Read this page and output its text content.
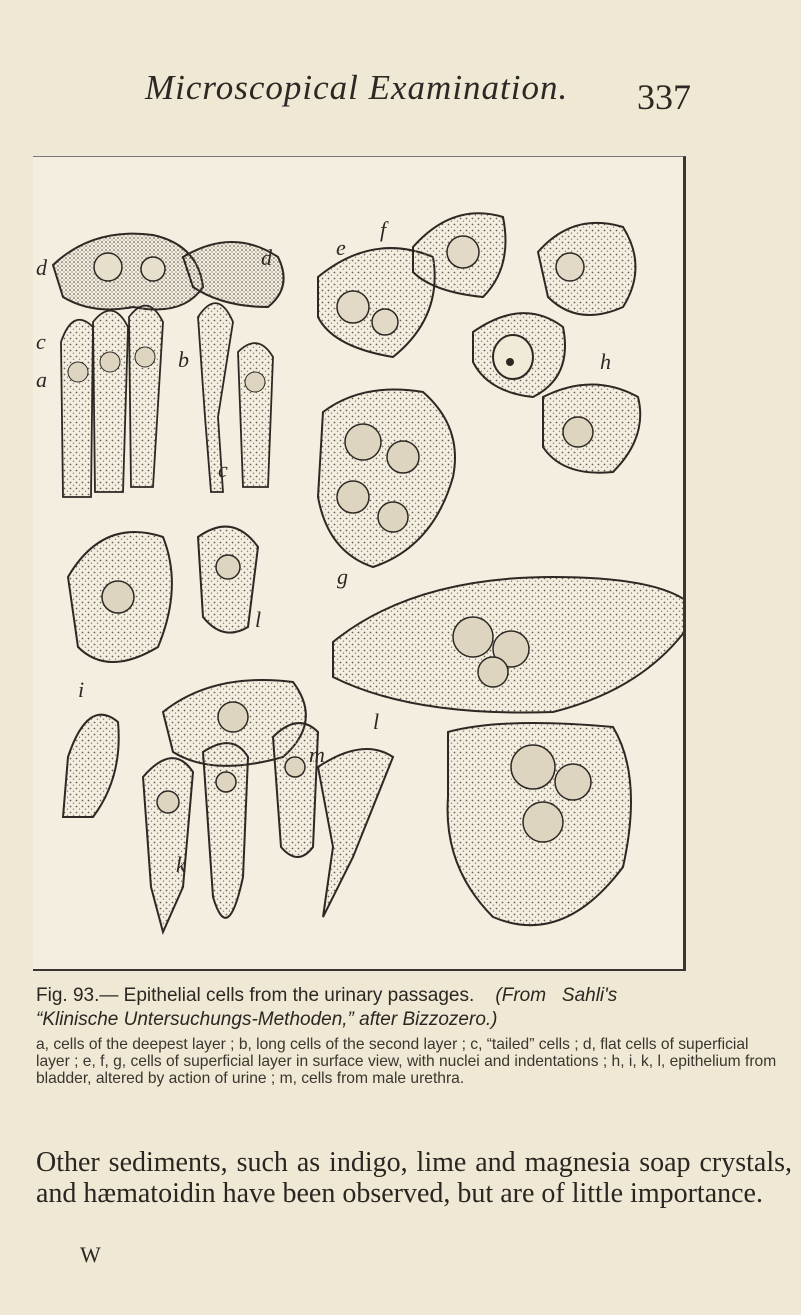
Microscopical Examination. 337
d	d
f
e
c
a
b
c
h
g
l
i
l
m
k
Fig. 93.— Epithelial cells from the urinary passages. (From Sahli's
“Klinische Untersuchungs-Methoden,” after Bizzozero.)
a, cells of the deepest layer ; b, long cells of the second layer ; c, “tailed” cells ; d, flat cells of superficial layer ; e, f, g, cells of superficial layer in surface view, with nuclei and indentations ; h, i, k, l, epithelium from bladder, altered by action of urine ; m, cells from male urethra.
Other sediments, such as indigo, lime and magnesia soap crystals, and hæmatoidin have been observed, but are of little importance.
W
